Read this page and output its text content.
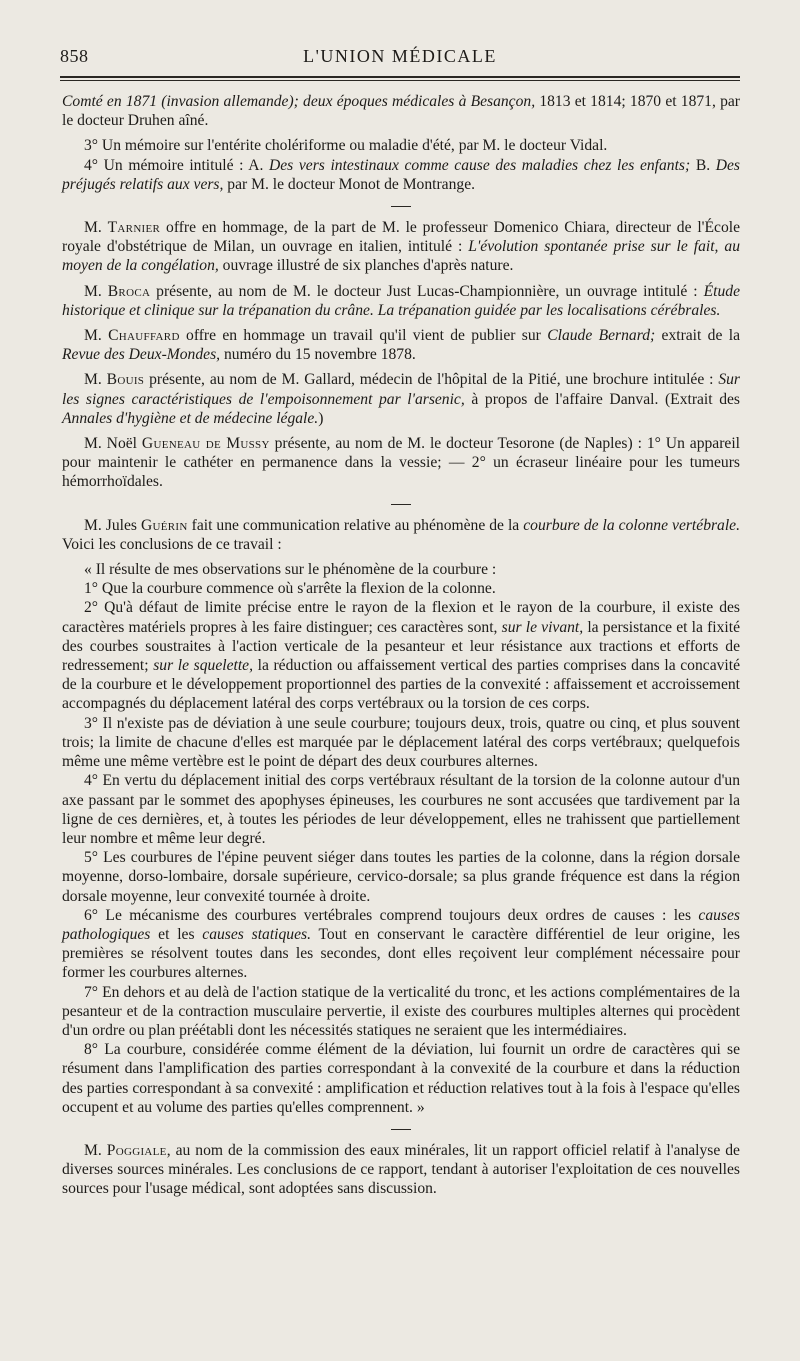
858	L'UNION MÉDICALE

Comté en 1871 (invasion allemande); deux époques médicales à Besançon, 1813 et 1814; 1870 et 1871, par le docteur Druhen aîné.

3° Un mémoire sur l'entérite cholériforme ou maladie d'été, par M. le docteur Vidal.

4° Un mémoire intitulé : A. Des vers intestinaux comme cause des maladies chez les enfants; B. Des préjugés relatifs aux vers, par M. le docteur Monot de Montrange.

M. Tarnier offre en hommage, de la part de M. le professeur Domenico Chiara, directeur de l'École royale d'obstétrique de Milan, un ouvrage en italien, intitulé : L'évolution spontanée prise sur le fait, au moyen de la congélation, ouvrage illustré de six planches d'après nature.

M. Broca présente, au nom de M. le docteur Just Lucas-Championnière, un ouvrage intitulé : Étude historique et clinique sur la trépanation du crâne. La trépanation guidée par les localisations cérébrales.

M. Chauffard offre en hommage un travail qu'il vient de publier sur Claude Bernard; extrait de la Revue des Deux-Mondes, numéro du 15 novembre 1878.

M. Bouis présente, au nom de M. Gallard, médecin de l'hôpital de la Pitié, une brochure intitulée : Sur les signes caractéristiques de l'empoisonnement par l'arsenic, à propos de l'affaire Danval. (Extrait des Annales d'hygiène et de médecine légale.)

M. Noël Gueneau de Mussy présente, au nom de M. le docteur Tesorone (de Naples) : 1° Un appareil pour maintenir le cathéter en permanence dans la vessie; — 2° un écraseur linéaire pour les tumeurs hémorrhoïdales.

M. Jules Guérin fait une communication relative au phénomène de la courbure de la colonne vertébrale. Voici les conclusions de ce travail :

« Il résulte de mes observations sur le phénomène de la courbure :

1° Que la courbure commence où s'arrête la flexion de la colonne.

2° Qu'à défaut de limite précise entre le rayon de la flexion et le rayon de la courbure, il existe des caractères matériels propres à les faire distinguer; ces caractères sont, sur le vivant, la persistance et la fixité des courbes soustraites à l'action verticale de la pesanteur et leur résistance aux tractions et efforts de redressement; sur le squelette, la réduction ou affaissement vertical des parties comprises dans la concavité de la courbure et le développement proportionnel des parties de la convexité : affaissement et accroissement accompagnés du déplacement latéral des corps vertébraux ou la torsion de ces corps.

3° Il n'existe pas de déviation à une seule courbure; toujours deux, trois, quatre ou cinq, et plus souvent trois; la limite de chacune d'elles est marquée par le déplacement latéral des corps vertébraux; quelquefois même une même vertèbre est le point de départ des deux courbures alternes.

4° En vertu du déplacement initial des corps vertébraux résultant de la torsion de la colonne autour d'un axe passant par le sommet des apophyses épineuses, les courbures ne sont accusées que tardivement par la ligne de ces dernières, et, à toutes les périodes de leur développement, elles ne trahissent que partiellement leur nombre et même leur degré.

5° Les courbures de l'épine peuvent siéger dans toutes les parties de la colonne, dans la région dorsale moyenne, dorso-lombaire, dorsale supérieure, cervico-dorsale; sa plus grande fréquence est dans la région dorsale moyenne, leur convexité tournée à droite.

6° Le mécanisme des courbures vertébrales comprend toujours deux ordres de causes : les causes pathologiques et les causes statiques. Tout en conservant le caractère différentiel de leur origine, les premières se résolvent toutes dans les secondes, dont elles reçoivent leur complément nécessaire pour former les courbures alternes.

7° En dehors et au delà de l'action statique de la verticalité du tronc, et les actions complémentaires de la pesanteur et de la contraction musculaire pervertie, il existe des courbures multiples alternes qui procèdent d'un ordre ou plan préétabli dont les nécessités statiques ne seraient que les intermédiaires.

8° La courbure, considérée comme élément de la déviation, lui fournit un ordre de caractères qui se résument dans l'amplification des parties correspondant à la convexité de la courbure et dans la réduction des parties correspondant à sa convexité : amplification et réduction relatives tout à la fois à l'espace qu'elles occupent et au volume des parties qu'elles comprennent. »

M. Poggiale, au nom de la commission des eaux minérales, lit un rapport officiel relatif à l'analyse de diverses sources minérales. Les conclusions de ce rapport, tendant à autoriser l'exploitation de ces nouvelles sources pour l'usage médical, sont adoptées sans discussion.
